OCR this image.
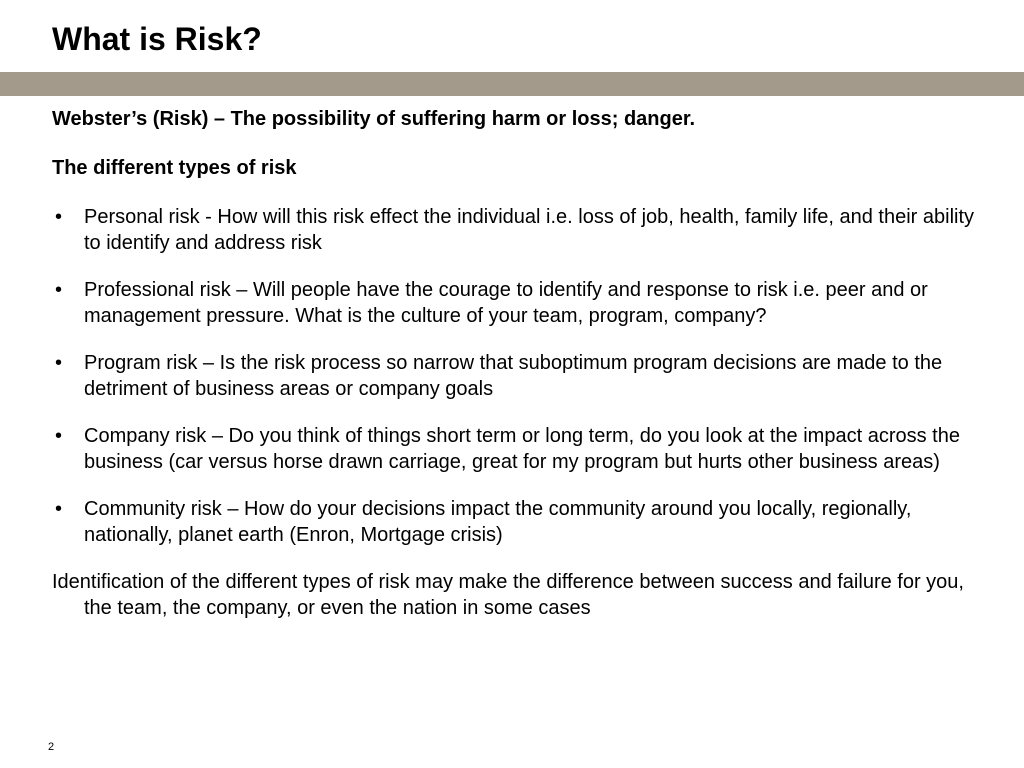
What is Risk?

Webster’s (Risk) – The possibility of suffering harm or loss; danger.

The different types of risk

• Personal risk - How will this risk effect the individual i.e. loss of job, health, family life, and their ability to identify and address risk
• Professional risk – Will people have the courage to identify and response to risk i.e. peer and or management pressure. What is the culture of your team, program, company?
• Program risk – Is the risk process so narrow that suboptimum program decisions are made to the detriment of business areas or company goals
• Company risk – Do you think of things short term or long term, do you look at the impact across the business (car versus horse drawn carriage, great for my program but hurts other business areas)
• Community risk – How do your decisions impact the community around you locally, regionally, nationally, planet earth (Enron, Mortgage crisis)

Identification of the different types of risk may make the difference between success and failure for you, the team, the company, or even the nation in some cases

2
